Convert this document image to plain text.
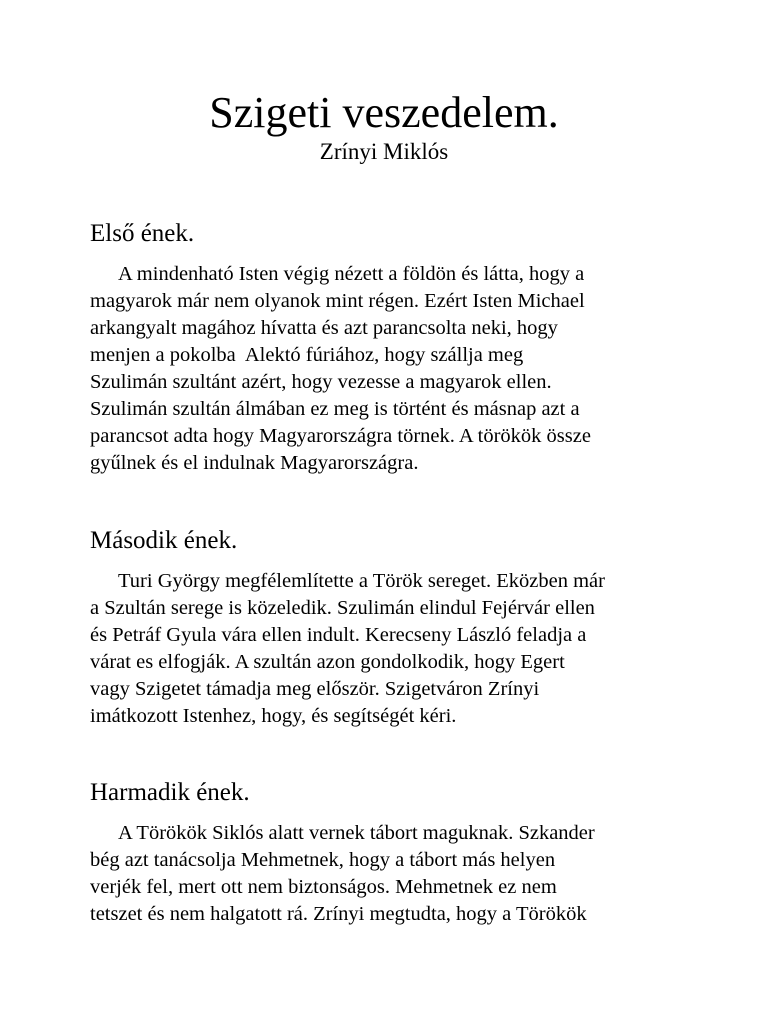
Szigeti veszedelem.
Zrínyi Miklós
Első ének.

A mindenható Isten végig nézett a földön és látta, hogy a
magyarok már nem olyanok mint régen. Ezért Isten Michael
arkangyalt magához hívatta és azt parancsolta neki, hogy
menjen a pokolba  Alektó fúriához, hogy szállja meg
Szulimán szultánt azért, hogy vezesse a magyarok ellen.
Szulimán szultán álmában ez meg is történt és másnap azt a
parancsot adta hogy Magyarországra törnek. A törökök össze
gyűlnek és el indulnak Magyarországra.

Második ének.

Turi György megfélemlítette a Török sereget. Eközben már
a Szultán serege is közeledik. Szulimán elindul Fejérvár ellen
és Petráf Gyula vára ellen indult. Kerecseny László feladja a
várat es elfogják. A szultán azon gondolkodik, hogy Egert
vagy Szigetet támadja meg először. Szigetváron Zrínyi
imátkozott Istenhez, hogy, és segítségét kéri.

Harmadik ének.

A Törökök Siklós alatt vernek tábort maguknak. Szkander
bég azt tanácsolja Mehmetnek, hogy a tábort más helyen
verjék fel, mert ott nem biztonságos. Mehmetnek ez nem
tetszet és nem halgatott rá. Zrínyi megtudta, hogy a Törökök
